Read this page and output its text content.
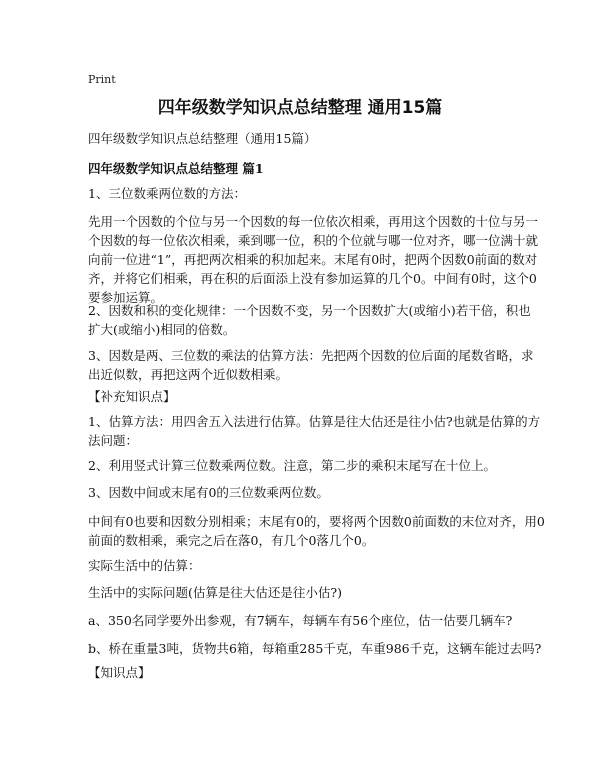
Print
四年级数学知识点总结整理 通用15篇
四年级数学知识点总结整理（通用15篇）
四年级数学知识点总结整理 篇1
1、三位数乘两位数的方法：
先用一个因数的个位与另一个因数的每一位依次相乘，再用这个因数的十位与另一
个因数的每一位依次相乘，乘到哪一位，积的个位就与哪一位对齐，哪一位满十就
向前一位进“1”，再把两次相乘的积加起来。末尾有0时，把两个因数0前面的数对
齐，并将它们相乘，再在积的后面添上没有参加运算的几个0。中间有0时，这个0
要参加运算。
2、因数和积的变化规律：一个因数不变，另一个因数扩大(或缩小)若干倍，积也
扩大(或缩小)相同的倍数。
3、因数是两、三位数的乘法的估算方法：先把两个因数的位后面的尾数省略，求
出近似数，再把这两个近似数相乘。
【补充知识点】
1、估算方法：用四舍五入法进行估算。估算是往大估还是往小估?也就是估算的方
法问题：
2、利用竖式计算三位数乘两位数。注意，第二步的乘积末尾写在十位上。
3、因数中间或末尾有0的三位数乘两位数。
中间有0也要和因数分别相乘；末尾有0的，要将两个因数0前面数的末位对齐，用0
前面的数相乘，乘完之后在落0，有几个0落几个0。
实际生活中的估算：
生活中的实际问题(估算是往大估还是往小估?)
a、350名同学要外出参观，有7辆车，每辆车有56个座位，估一估要几辆车?
b、桥在重量3吨，货物共6箱，每箱重285千克，车重986千克，这辆车能过去吗?
【知识点】
